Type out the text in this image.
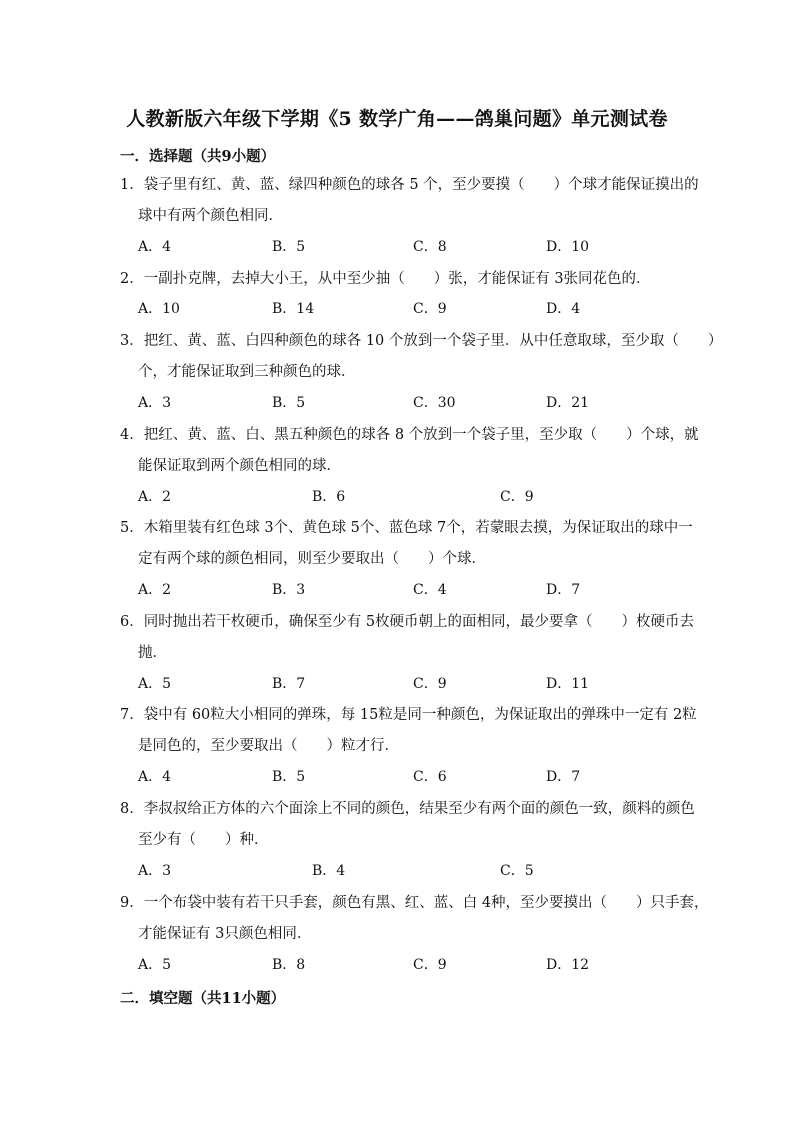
人教新版六年级下学期《5 数学广角——鸽巢问题》单元测试卷
一．选择题（共9小题）
1．袋子里有红、黄、蓝、绿四种颜色的球各 5 个，至少要摸（　　）个球才能保证摸出的
球中有两个颜色相同．
A．4	B．5	C．8	D．10
2．一副扑克牌，去掉大小王，从中至少抽（　　）张，才能保证有 3张同花色的．
A．10	B．14	C．9	D．4
3．把红、黄、蓝、白四种颜色的球各 10 个放到一个袋子里．从中任意取球，至少取（　　）
个，才能保证取到三种颜色的球．
A．3	B．5	C．30	D．21
4．把红、黄、蓝、白、黑五种颜色的球各 8 个放到一个袋子里，至少取（　　）个球，就
能保证取到两个颜色相同的球．
A．2	B．6	C．9
5．木箱里装有红色球 3个、黄色球 5个、蓝色球 7个，若蒙眼去摸，为保证取出的球中一
定有两个球的颜色相同，则至少要取出（　　）个球．
A．2	B．3	C．4	D．7
6．同时抛出若干枚硬币，确保至少有 5枚硬币朝上的面相同，最少要拿（　　）枚硬币去
抛．
A．5	B．7	C．9	D．11
7．袋中有 60粒大小相同的弹珠，每 15粒是同一种颜色，为保证取出的弹珠中一定有 2粒
是同色的，至少要取出（　　）粒才行．
A．4	B．5	C．6	D．7
8．李叔叔给正方体的六个面涂上不同的颜色，结果至少有两个面的颜色一致，颜料的颜色
至少有（　　）种．
A．3	B．4	C．5
9．一个布袋中装有若干只手套，颜色有黑、红、蓝、白 4种，至少要摸出（　　）只手套，
才能保证有 3只颜色相同．
A．5	B．8	C．9	D．12
二．填空题（共11小题）
